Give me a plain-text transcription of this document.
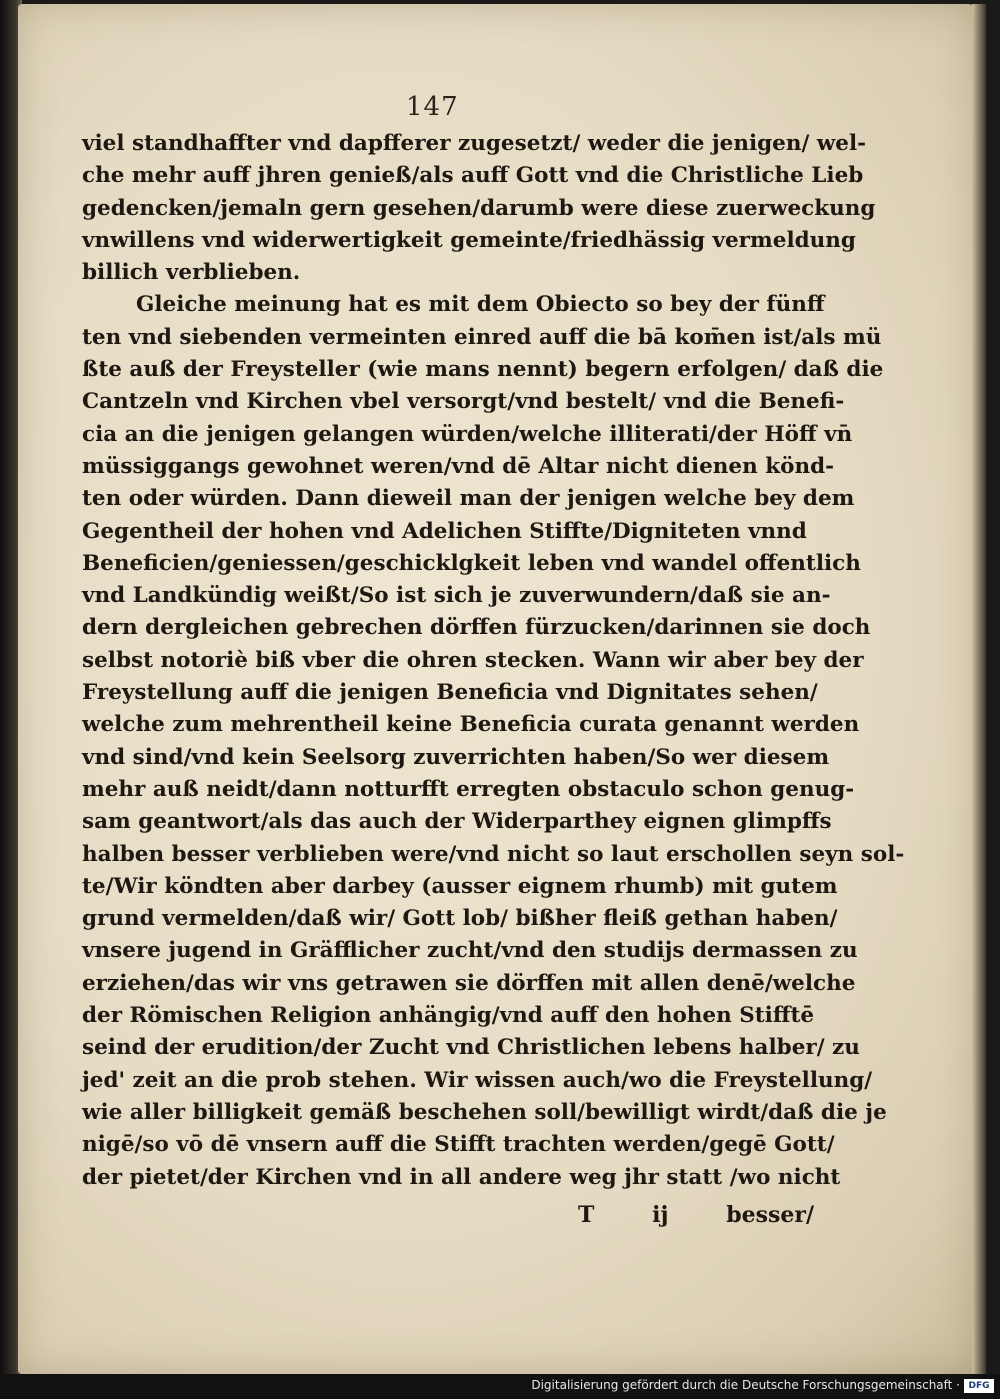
147
viel standhaffter vnd dapfferer zugesetzt/ weder die jenigen/ wel-
che mehr auff jhren genieß/als auff Gott vnd die Christliche Lieb
gedencken/jemaln gern gesehen/darumb were diese zuerweckung
vnwillens vnd widerwertigkeit gemeinte/friedhässig vermeldung
billich verblieben.
Gleiche meinung hat es mit dem Obiecto so bey der fünff
ten vnd siebenden vermeinten einred auff die bā kom̄en ist/als mü
ßte auß der Freysteller (wie mans nennt) begern erfolgen/ daß die
Cantzeln vnd Kirchen vbel versorgt/vnd bestelt/ vnd die Benefi-
cia an die jenigen gelangen würden/welche illiterati/der Höff vn̄
müssiggangs gewohnet weren/vnd dē Altar nicht dienen könd-
ten oder würden. Dann dieweil man der jenigen welche bey dem
Gegentheil der hohen vnd Adelichen Stiffte/Digniteten vnnd
Beneficien/geniessen/geschicklgkeit leben vnd wandel offentlich
vnd Landkündig weißt/So ist sich je zuverwundern/daß sie an-
dern dergleichen gebrechen dörffen fürzucken/darinnen sie doch
selbst notoriè biß vber die ohren stecken. Wann wir aber bey der
Freystellung auff die jenigen Beneficia vnd Dignitates sehen/
welche zum mehrentheil keine Beneficia curata genannt werden
vnd sind/vnd kein Seelsorg zuverrichten haben/So wer diesem
mehr auß neidt/dann notturfft erregten obstaculo schon genug-
sam geantwort/als das auch der Widerparthey eignen glimpffs
halben besser verblieben were/vnd nicht so laut erschollen seyn sol-
te/Wir köndten aber darbey (ausser eignem rhumb) mit gutem
grund vermelden/daß wir/ Gott lob/ bißher fleiß gethan haben/
vnsere jugend in Gräfflicher zucht/vnd den studijs dermassen zu
erziehen/das wir vns getrawen sie dörffen mit allen denē/welche
der Römischen Religion anhängig/vnd auff den hohen Stifftē
seind der erudition/der Zucht vnd Christlichen lebens halber/ zu
jed' zeit an die prob stehen. Wir wissen auch/wo die Freystellung/
wie aller billigkeit gemäß beschehen soll/bewilligt wirdt/daß die je
nigē/so vō dē vnsern auff die Stifft trachten werden/gegē Gott/
der pietet/der Kirchen vnd in all andere weg jhr statt /wo nicht
T	ij	besser/
Digitalisierung gefördert durch die Deutsche Forschungsgemeinschaft · DFG
